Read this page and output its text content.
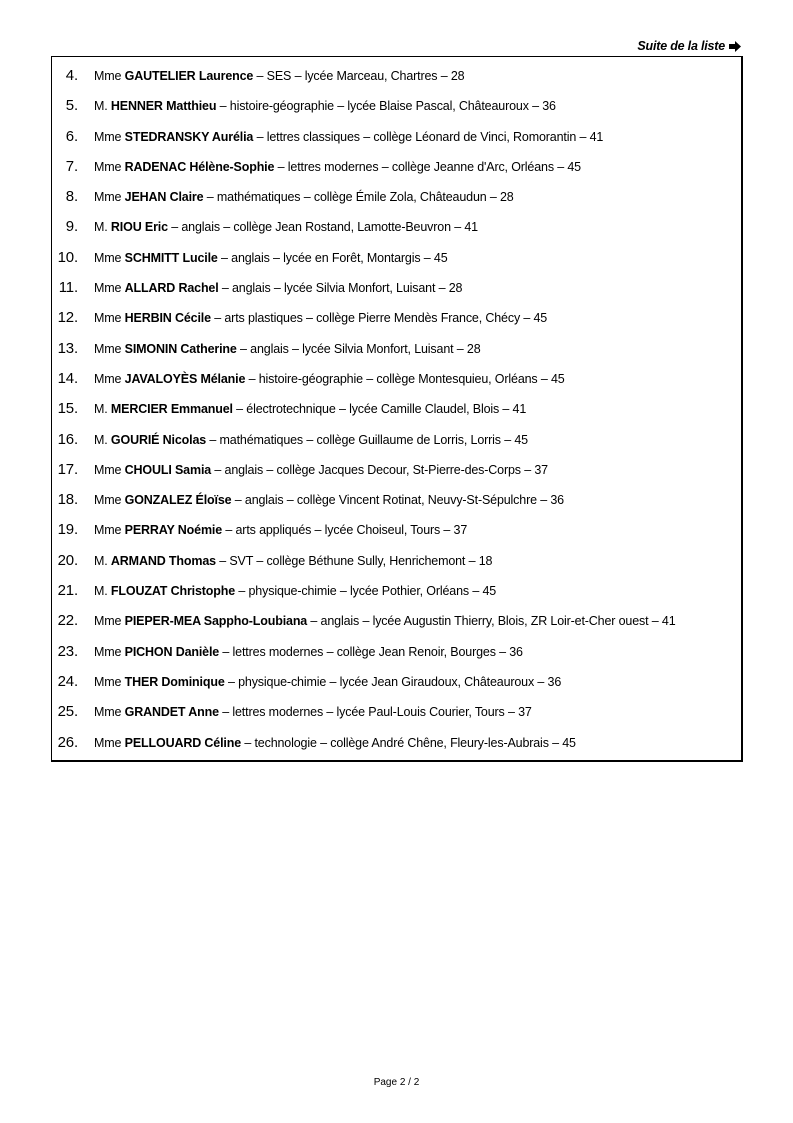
Suite de la liste
4. Mme GAUTELIER Laurence – SES – lycée Marceau, Chartres – 28
5. M. HENNER Matthieu – histoire-géographie – lycée Blaise Pascal, Châteauroux – 36
6. Mme STEDRANSKY Aurélia – lettres classiques – collège Léonard de Vinci, Romorantin – 41
7. Mme RADENAC Hélène-Sophie – lettres modernes – collège Jeanne d'Arc, Orléans – 45
8. Mme JEHAN Claire – mathématiques – collège Émile Zola, Châteaudun – 28
9. M. RIOU Eric – anglais – collège Jean Rostand, Lamotte-Beuvron – 41
10. Mme SCHMITT Lucile – anglais – lycée en Forêt, Montargis – 45
11. Mme ALLARD Rachel – anglais – lycée Silvia Monfort, Luisant – 28
12. Mme HERBIN Cécile – arts plastiques – collège Pierre Mendès France, Chécy – 45
13. Mme SIMONIN Catherine – anglais – lycée Silvia Monfort, Luisant – 28
14. Mme JAVALOYÈS Mélanie – histoire-géographie – collège Montesquieu, Orléans – 45
15. M. MERCIER Emmanuel – électrotechnique – lycée Camille Claudel, Blois – 41
16. M. GOURIÉ Nicolas – mathématiques – collège Guillaume de Lorris, Lorris – 45
17. Mme CHOULI Samia – anglais – collège Jacques Decour, St-Pierre-des-Corps – 37
18. Mme GONZALEZ Éloïse – anglais – collège Vincent Rotinat, Neuvy-St-Sépulchre – 36
19. Mme PERRAY Noémie – arts appliqués – lycée Choiseul, Tours – 37
20. M. ARMAND Thomas – SVT – collège Béthune Sully, Henrichemont – 18
21. M. FLOUZAT Christophe – physique-chimie – lycée Pothier, Orléans – 45
22. Mme PIEPER-MEA Sappho-Loubiana – anglais – lycée Augustin Thierry, Blois, ZR Loir-et-Cher ouest – 41
23. Mme PICHON Danièle – lettres modernes – collège Jean Renoir, Bourges – 36
24. Mme THER Dominique – physique-chimie – lycée Jean Giraudoux, Châteauroux – 36
25. Mme GRANDET Anne – lettres modernes – lycée Paul-Louis Courier, Tours – 37
26. Mme PELLOUARD Céline – technologie – collège André Chêne, Fleury-les-Aubrais – 45
Page 2 / 2
